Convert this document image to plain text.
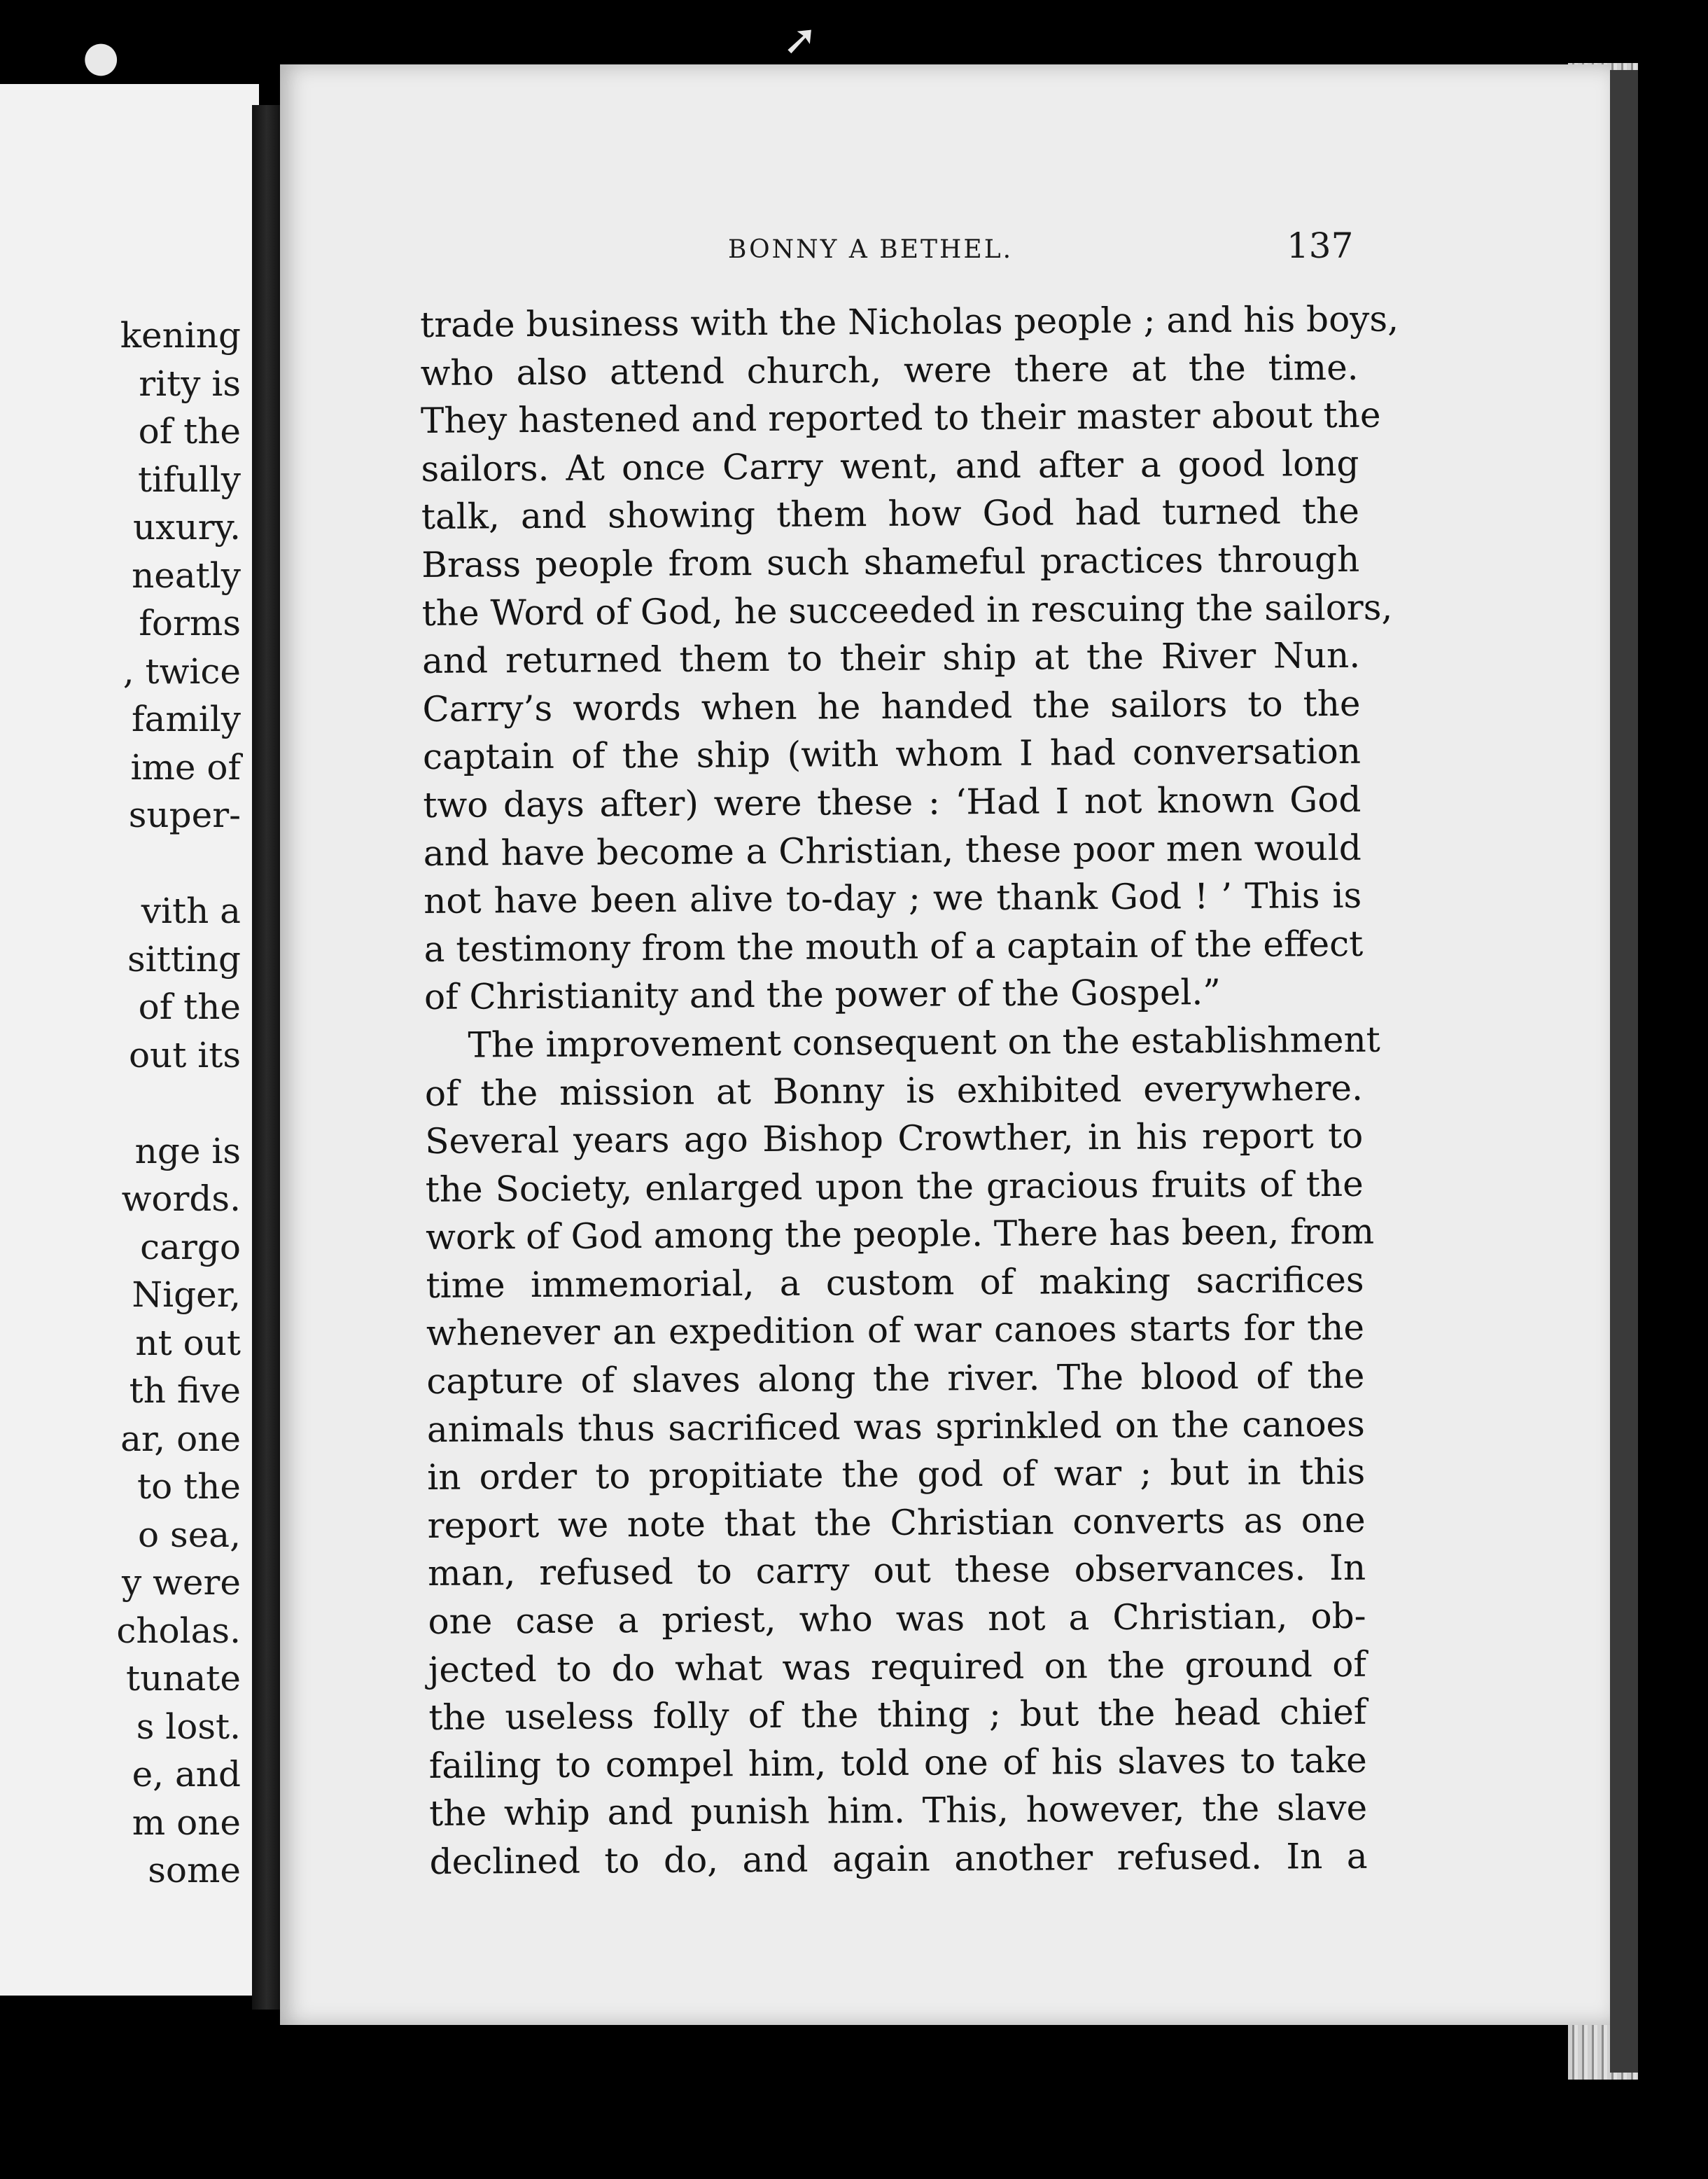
kening
rity is
of the
tifully
uxury.
neatly
forms
, twice
family
ime of
super-
vith a
sitting
of the
out its
nge is
words.
cargo
Niger,
nt out
th five
ar, one
to the
o sea,
y were
cholas.
tunate
s lost.
e, and
m one
some
BONNY A BETHEL.	137
trade business with the Nicholas people ; and his boys,
who also attend church, were there at the time.
They hastened and reported to their master about the
sailors. At once Carry went, and after a good long
talk, and showing them how God had turned the
Brass people from such shameful practices through
the Word of God, he succeeded in rescuing the sailors,
and returned them to their ship at the River Nun.
Carry’s words when he handed the sailors to the
captain of the ship (with whom I had conversation
two days after) were these : ‘Had I not known God
and have become a Christian, these poor men would
not have been alive to-day ; we thank God ! ’ This is
a testimony from the mouth of a captain of the effect
of Christianity and the power of the Gospel.”
The improvement consequent on the establishment
of the mission at Bonny is exhibited everywhere.
Several years ago Bishop Crowther, in his report to
the Society, enlarged upon the gracious fruits of the
work of God among the people. There has been, from
time immemorial, a custom of making sacrifices
whenever an expedition of war canoes starts for the
capture of slaves along the river. The blood of the
animals thus sacrificed was sprinkled on the canoes
in order to propitiate the god of war ; but in this
report we note that the Christian converts as one
man, refused to carry out these observances. In
one case a priest, who was not a Christian, ob-
jected to do what was required on the ground of
the useless folly of the thing ; but the head chief
failing to compel him, told one of his slaves to take
the whip and punish him. This, however, the slave
declined to do, and again another refused. In a
●	➚
